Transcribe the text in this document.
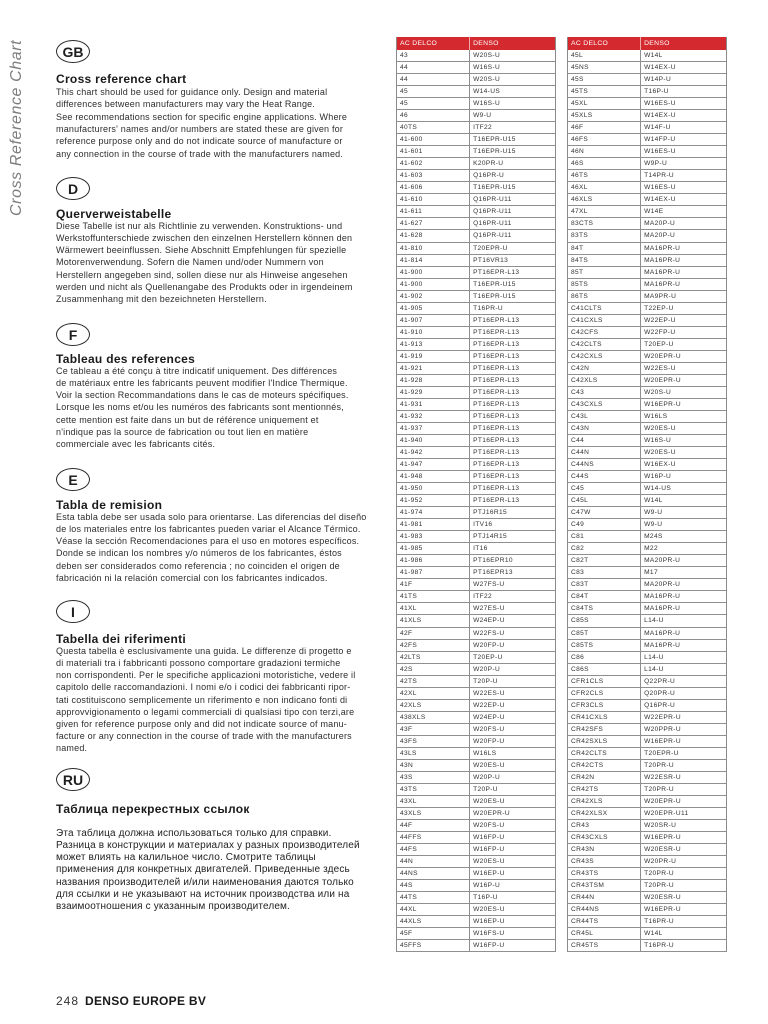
Cross Reference Chart	GB
Cross reference chart
This chart should be used for guidance only. Design and material
differences between manufacturers may vary the Heat Range.
See recommendations section for specific engine applications. Where
manufacturers' names and/or numbers are stated these are given for
reference purpose only and do not indicate source of manufacture or
any connection in the course of trade with the manufacturers named.
D
Querverweistabelle
Diese Tabelle ist nur als Richtlinie zu verwenden. Konstruktions- und
Werkstoffunterschiede zwischen den einzelnen Herstellern können den
Wärmewert beeinflussen. Siehe Abschnitt Empfehlungen für spezielle
Motorenverwendung. Sofern die Namen und/oder Nummern von
Herstellern angegeben sind, sollen diese nur als Hinweise angesehen
werden und nicht als Quellenangabe des Produkts oder in irgendeinem
Zusammenhang mit den bezeichneten Herstellern.
F
Tableau des references
Ce tableau a été conçu à titre indicatif uniquement. Des différences
de matériaux entre les fabricants peuvent modifier l'Indice Thermique.
Voir la section Recommandations dans le cas de moteurs spécifiques.
Lorsque les noms et/ou les numéros des fabricants sont mentionnés,
cette mention est faite dans un but de référence uniquement et
n'indique pas la source de fabrication ou tout lien en matière
commerciale avec les fabricants cités.
E
Tabla de remision
Esta tabla debe ser usada solo para orientarse. Las diferencias del diseño
de los materiales entre los fabricantes pueden variar el Alcance Térmico.
Véase la sección Recomendaciones para el uso en motores específicos.
Donde se indican los nombres y/o números de los fabricantes, éstos
deben ser considerados como referencia ; no coinciden el origen de
fabricación ni la relación comercial con los fabricantes indicados.
I
Tabella dei riferimenti
Questa tabella è esclusivamente una guida. Le differenze di progetto e
di materiali tra i fabbricanti possono comportare gradazioni termiche
non corrispondenti. Per le specifiche applicazioni motoristiche, vedere il
capitolo delle raccomandazioni. I nomi e/o i codici dei fabbricanti ripor-
tati costituiscono semplicemente un riferimento e non indicano fonti di
approvvigionamento o legami commerciali di qualsiasi tipo con terzi,are
given for reference purpose only and did not indicate source of manu-
facture or any connection in the course of trade with the manufacturers
named.
RU
Таблица перекрестных ссылок
Эта таблица должна использоваться только для справки.
Разница в конструкции и материалах у разных производителей
может влиять на калильное число. Смотрите таблицы
применения для конкретных двигателей. Приведенные здесь
названия производителей и/или наименования даются только
для ссылки и не указывают на источник производства или на
взаимоотношения с указанным производителем.
AC DELCO	DENSO
43	W20S-U
44	W16S-U
44	W20S-U
45	W14-US
45	W16S-U
46	W9-U
40TS	ITF22
41-600	T16EPR-U15
41-601	T16EPR-U15
41-602	K20PR-U
41-603	Q16PR-U
41-606	T16EPR-U15
41-610	Q16PR-U11
41-611	Q16PR-U11
41-627	Q16PR-U11
41-628	Q16PR-U11
41-810	T20EPR-U
41-814	PT16VR13
41-900	PT16EPR-L13
41-900	T16EPR-U15
41-902	T16EPR-U15
41-905	T16PR-U
41-907	PT16EPR-L13
41-910	PT16EPR-L13
41-913	PT16EPR-L13
41-919	PT16EPR-L13
41-921	PT16EPR-L13
41-928	PT16EPR-L13
41-929	PT16EPR-L13
41-931	PT16EPR-L13
41-932	PT16EPR-L13
41-937	PT16EPR-L13
41-940	PT16EPR-L13
41-942	PT16EPR-L13
41-947	PT16EPR-L13
41-948	PT16EPR-L13
41-950	PT16EPR-L13
41-952	PT16EPR-L13
41-974	PTJ16R15
41-981	ITV16
41-983	PTJ14R15
41-985	IT16
41-986	PT16EPR10
41-987	PT16EPR13
41F	W27FS-U
41TS	ITF22
41XL	W27ES-U
41XLS	W24EP-U
42F	W22FS-U
42FS	W20FP-U
42LTS	T20EP-U
42S	W20P-U
42TS	T20P-U
42XL	W22ES-U
42XLS	W22EP-U
438XLS	W24EP-U
43F	W20FS-U
43FS	W20FP-U
43LS	W16LS
43N	W20ES-U
43S	W20P-U
43TS	T20P-U
43XL	W20ES-U
43XLS	W20EPR-U
44F	W20FS-U
44FFS	W16FP-U
44FS	W16FP-U
44N	W20ES-U
44NS	W16EP-U
44S	W16P-U
44TS	T16P-U
44XL	W20ES-U
44XLS	W16EP-U
45F	W16FS-U
45FFS	W16FP-U
AC DELCO	DENSO
45L	W14L
45NS	W14EX-U
45S	W14P-U
45TS	T16P-U
45XL	W16ES-U
45XLS	W14EX-U
46F	W14F-U
46FS	W14FP-U
46N	W16ES-U
46S	W9P-U
46TS	T14PR-U
46XL	W16ES-U
46XLS	W14EX-U
47XL	W14E
83CTS	MA20P-U
83TS	MA20P-U
84T	MA16PR-U
84TS	MA16PR-U
85T	MA16PR-U
85TS	MA16PR-U
86TS	MA9PR-U
C41CLTS	T22EP-U
C41CXLS	W22EP-U
C42CFS	W22FP-U
C42CLTS	T20EP-U
C42CXLS	W20EPR-U
C42N	W22ES-U
C42XLS	W20EPR-U
C43	W20S-U
C43CXLS	W16EPR-U
C43L	W16LS
C43N	W20ES-U
C44	W16S-U
C44N	W20ES-U
C44NS	W16EX-U
C44S	W16P-U
C45	W14-US
C45L	W14L
C47W	W9-U
C49	W9-U
C81	M24S
C82	M22
C82T	MA20PR-U
C83	M17
C83T	MA20PR-U
C84T	MA16PR-U
C84TS	MA16PR-U
C85S	L14-U
C85T	MA16PR-U
C85TS	MA16PR-U
C86	L14-U
C86S	L14-U
CFR1CLS	Q22PR-U
CFR2CLS	Q20PR-U
CFR3CLS	Q16PR-U
CR41CXLS	W22EPR-U
CR42SFS	W20PPR-U
CR42SXLS	W16EPR-U
CR42CLTS	T20EPR-U
CR42CTS	T20PR-U
CR42N	W22ESR-U
CR42TS	T20PR-U
CR42XLS	W20EPR-U
CR42XLSX	W20EPR-U11
CR43	W20SR-U
CR43CXLS	W16EPR-U
CR43N	W20ESR-U
CR43S	W20PR-U
CR43TS	T20PR-U
CR43TSM	T20PR-U
CR44N	W20ESR-U
CR44NS	W16EPR-U
CR44TS	T16PR-U
CR45L	W14L
CR45TS	T16PR-U
248 DENSO EUROPE BV
